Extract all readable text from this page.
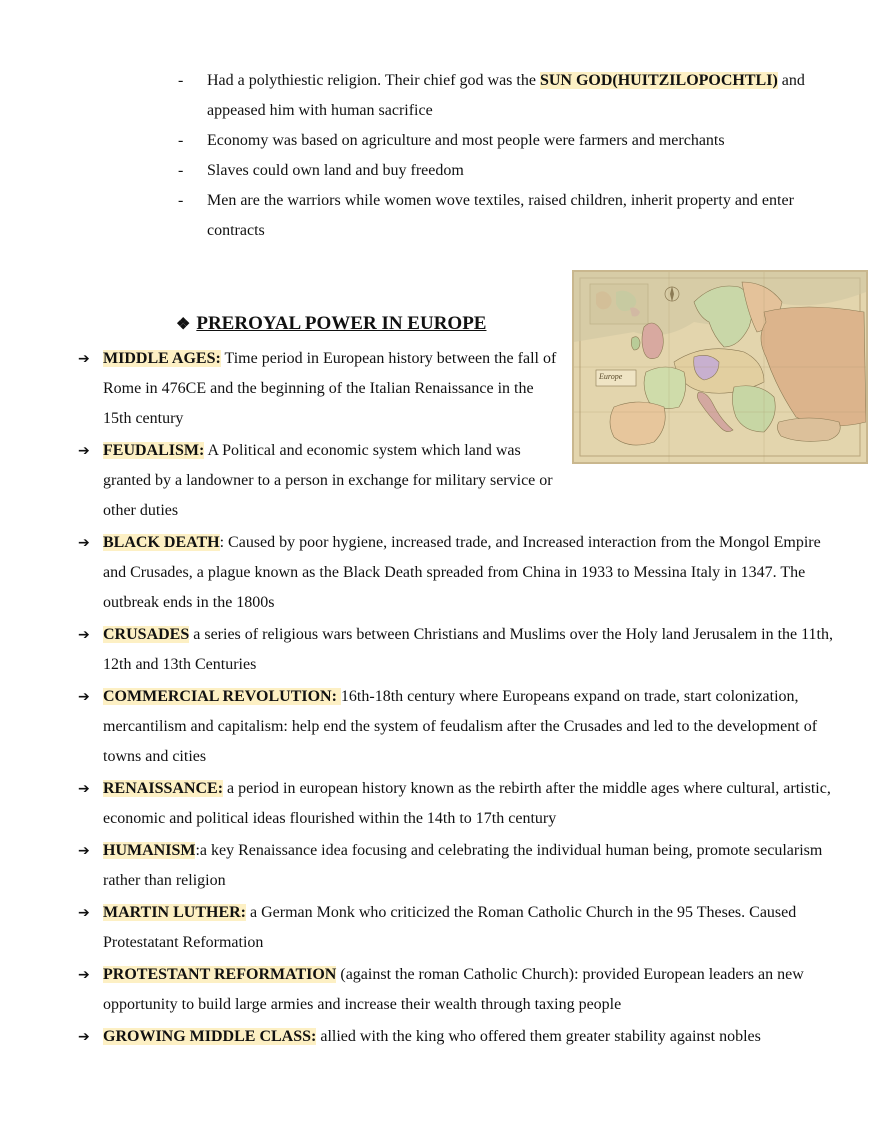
- Had a polythiestic religion. Their chief god was the SUN GOD(HUITZILOPOCHTLI) and appeased him with human sacrifice
- Economy was based on agriculture and most people were farmers and merchants
- Slaves could own land and buy freedom
- Men are the warriors while women wove textiles, raised children, inherit property and enter contracts
Europe
❖ PREROYAL POWER IN EUROPE
➔ MIDDLE AGES: Time period in European history between the fall of Rome in 476CE and the beginning of the Italian Renaissance in the 15th century
➔ FEUDALISM: A Political and economic system which land was granted by a landowner to a person in exchange for military service or other duties
➔ BLACK DEATH: Caused by poor hygiene, increased trade, and Increased interaction from the Mongol Empire and Crusades, a plague known as the Black Death spreaded from China in 1933 to Messina Italy in 1347. The outbreak ends in the 1800s
➔ CRUSADES a series of religious wars between Christians and Muslims over the Holy land Jerusalem in the 11th, 12th and 13th Centuries
➔ COMMERCIAL REVOLUTION: 16th-18th century where Europeans expand on trade, start colonization, mercantilism and capitalism: help end the system of feudalism after the Crusades and led to the development of towns and cities
➔ RENAISSANCE: a period in european history known as the rebirth after the middle ages where cultural, artistic, economic and political ideas flourished within the 14th to 17th century
➔ HUMANISM:a key Renaissance idea focusing and celebrating the individual human being, promote secularism rather than religion
➔ MARTIN LUTHER: a German Monk who criticized the Roman Catholic Church in the 95 Theses. Caused Protestatant Reformation
➔ PROTESTANT REFORMATION (against the roman Catholic Church): provided European leaders an new opportunity to build large armies and increase their wealth through taxing people
➔ GROWING MIDDLE CLASS: allied with the king who offered them greater stability against nobles
